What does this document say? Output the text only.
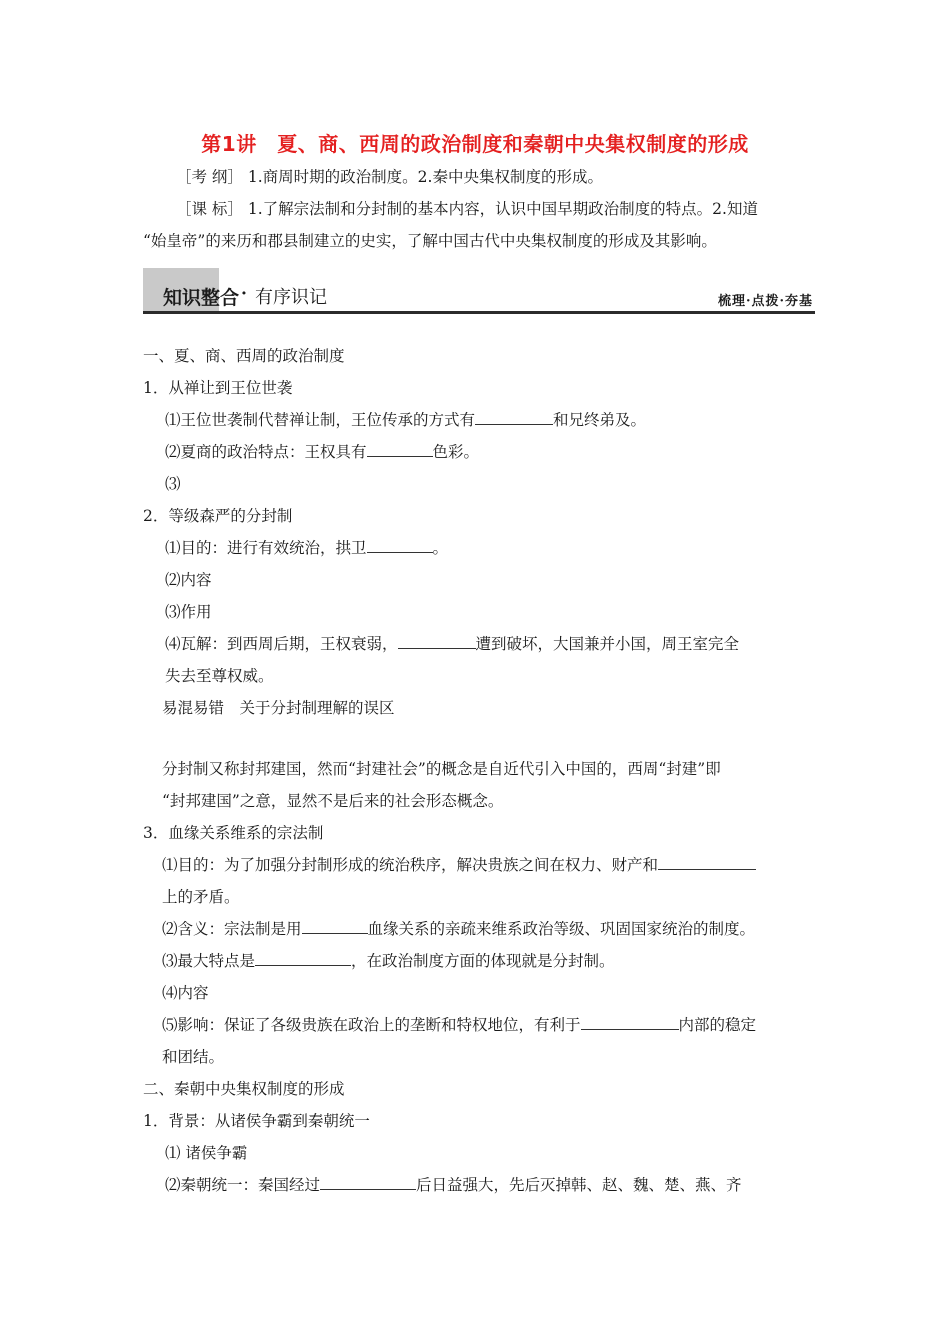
第1讲　夏、商、西周的政治制度和秦朝中央集权制度的形成
［考 纲］ 1.商周时期的政治制度。2.秦中央集权制度的形成。
［课 标］ 1.了解宗法制和分封制的基本内容，认识中国早期政治制度的特点。2.知道
“始皇帝”的来历和郡县制建立的史实，了解中国古代中央集权制度的形成及其影响。
知识整合 · 有序识记	梳理·点拨·夯基
一、夏、商、西周的政治制度
1．从禅让到王位世袭
⑴王位世袭制代替禅让制，王位传承的方式有	和兄终弟及。
⑵夏商的政治特点：王权具有	色彩。
⑶
2．等级森严的分封制
⑴目的：进行有效统治，拱卫	。
⑵内容
⑶作用
⑷瓦解：到西周后期，王权衰弱，	遭到破坏，大国兼并小国，周王室完全
失去至尊权威。
易混易错　关于分封制理解的误区
分封制又称封邦建国，然而“封建社会”的概念是自近代引入中国的，西周“封建”即
“封邦建国”之意，显然不是后来的社会形态概念。
3．血缘关系维系的宗法制
⑴目的：为了加强分封制形成的统治秩序，解决贵族之间在权力、财产和
上的矛盾。
⑵含义：宗法制是用	血缘关系的亲疏来维系政治等级、巩固国家统治的制度。
⑶最大特点是	，在政治制度方面的体现就是分封制。
⑷内容
⑸影响：保证了各级贵族在政治上的垄断和特权地位，有利于	内部的稳定
和团结。
二、秦朝中央集权制度的形成
1．背景：从诸侯争霸到秦朝统一
⑴ 诸侯争霸
⑵秦朝统一：秦国经过	后日益强大，先后灭掉韩、赵、魏、楚、燕、齐
